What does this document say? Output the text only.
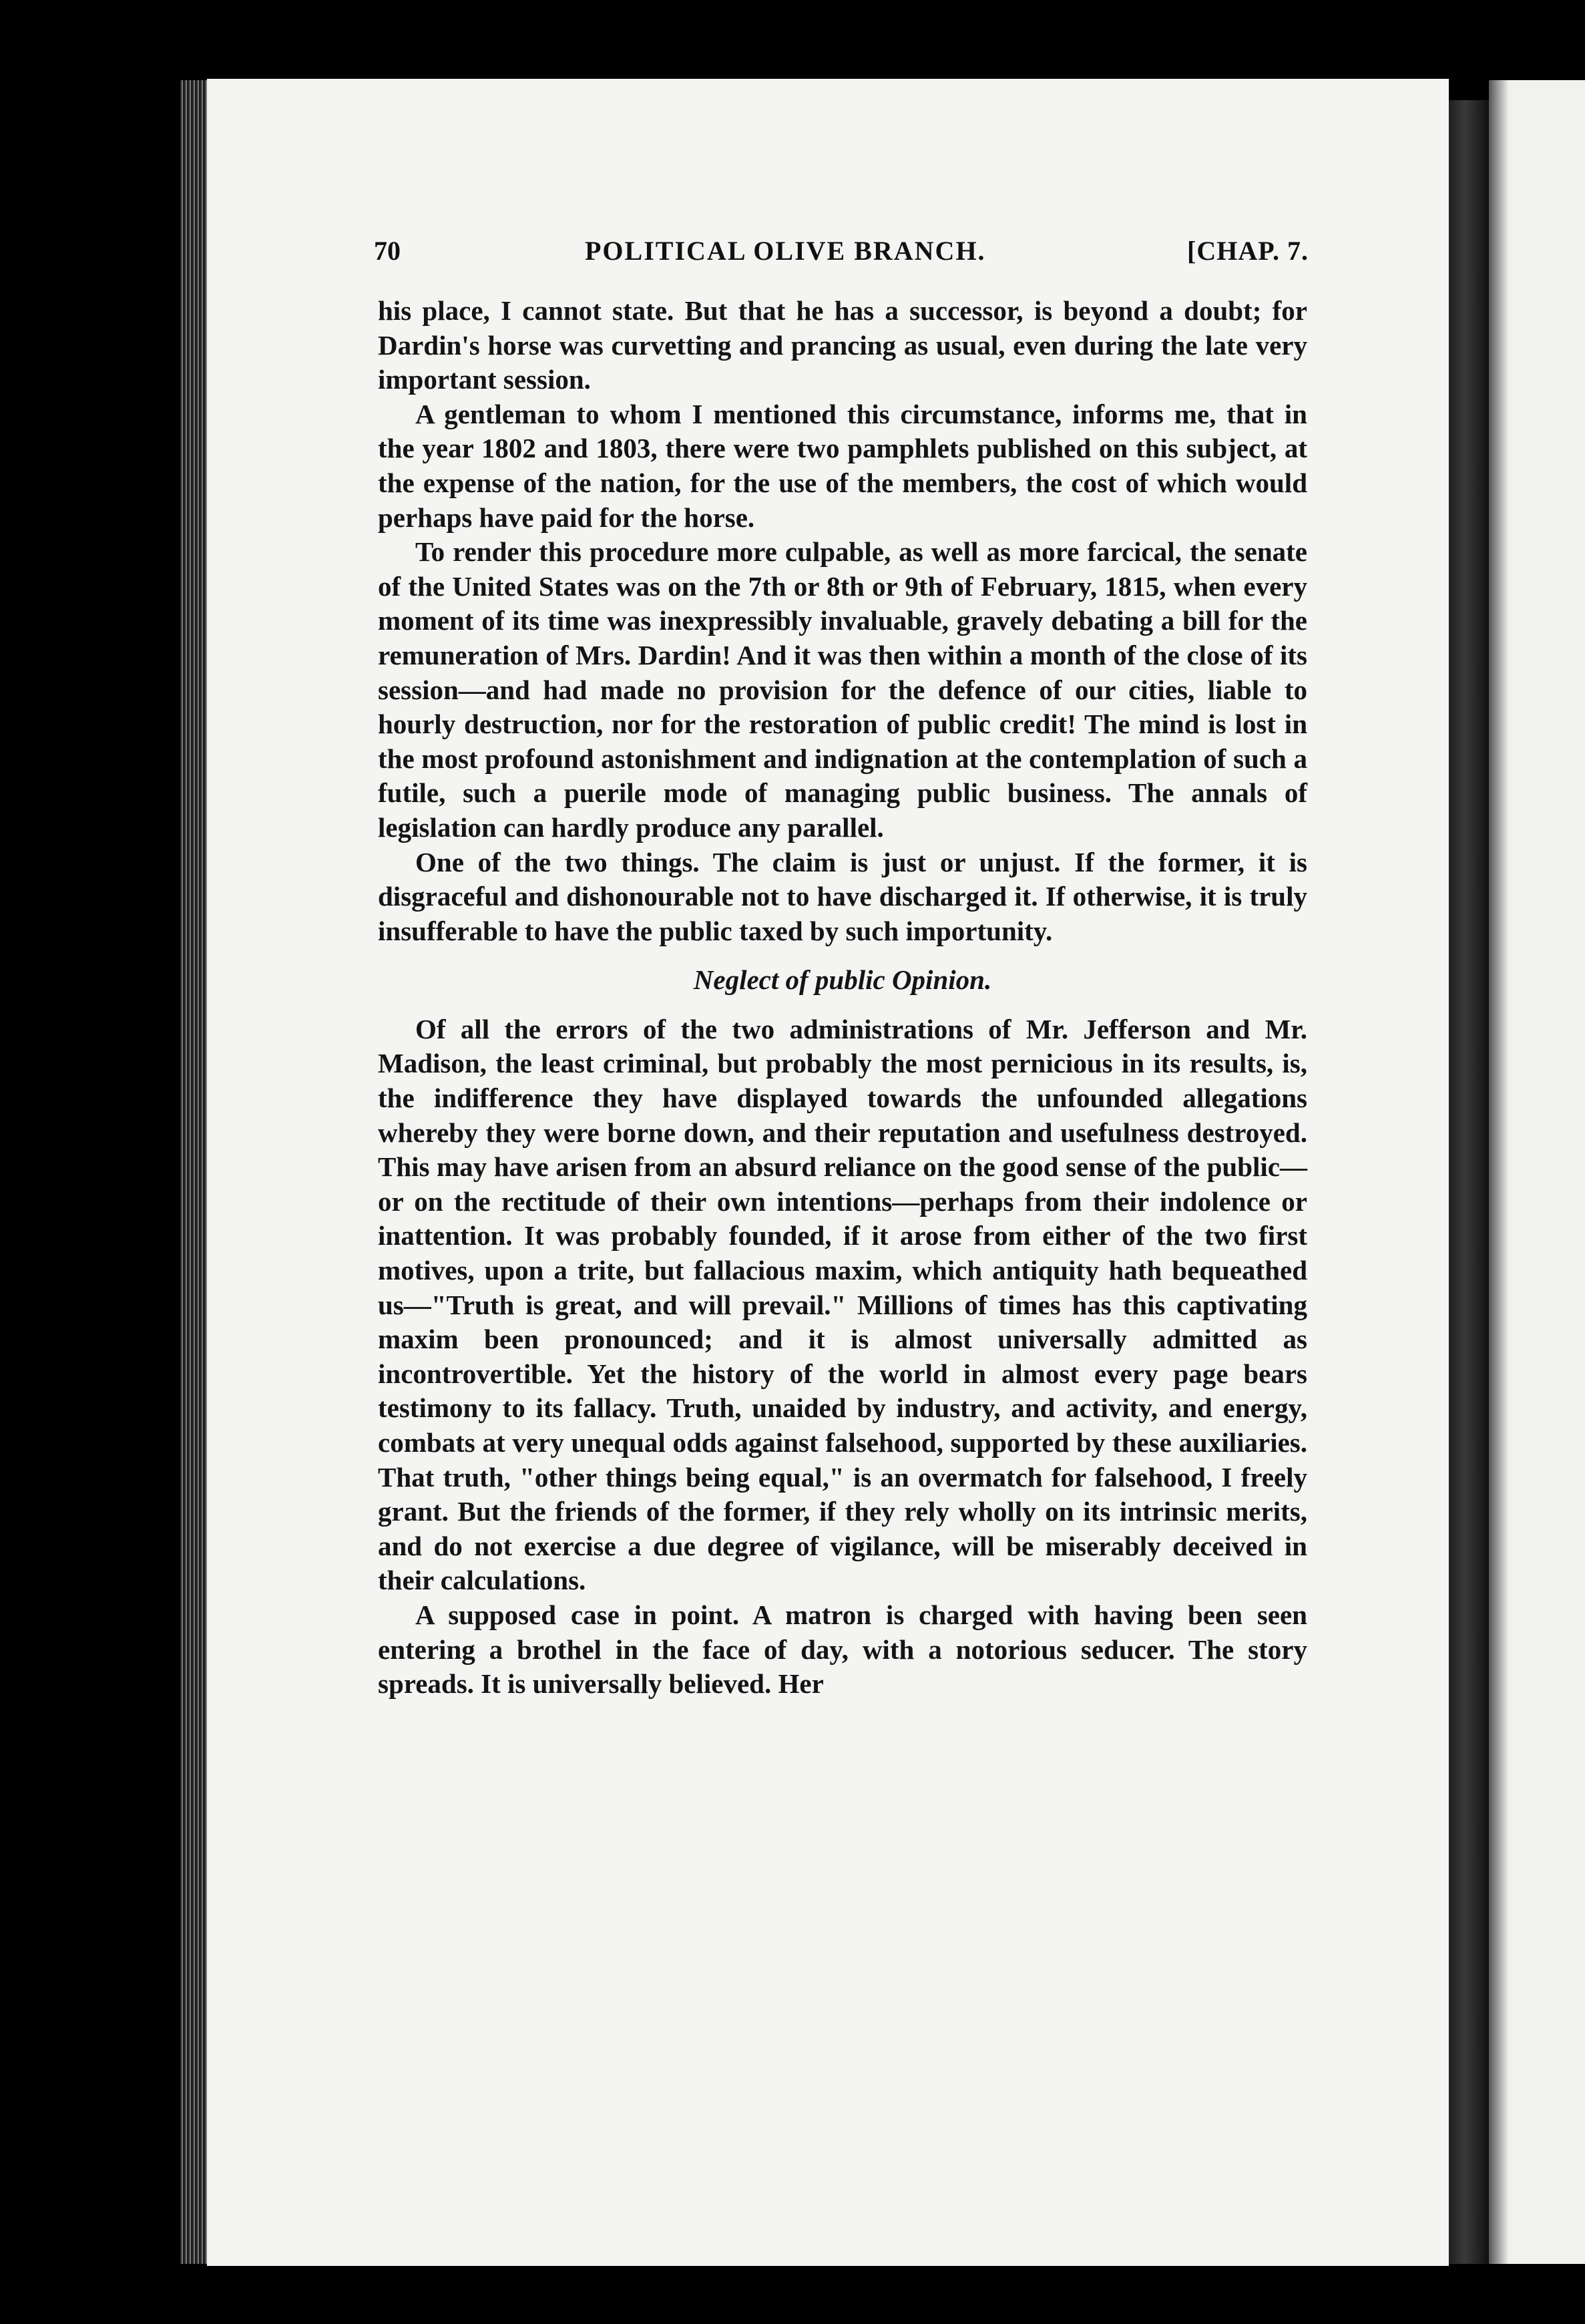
70	POLITICAL OLIVE BRANCH.	[CHAP. 7.

his place, I cannot state. But that he has a successor, is beyond a doubt; for Dardin's horse was curvetting and prancing as usual, even during the late very important session.

A gentleman to whom I mentioned this circumstance, informs me, that in the year 1802 and 1803, there were two pamphlets published on this subject, at the expense of the nation, for the use of the members, the cost of which would perhaps have paid for the horse.

To render this procedure more culpable, as well as more farcical, the senate of the United States was on the 7th or 8th or 9th of February, 1815, when every moment of its time was inexpressibly invaluable, gravely debating a bill for the remuneration of Mrs. Dardin! And it was then within a month of the close of its session—and had made no provision for the defence of our cities, liable to hourly destruction, nor for the restoration of public credit! The mind is lost in the most profound astonishment and indignation at the contemplation of such a futile, such a puerile mode of managing public business. The annals of legislation can hardly produce any parallel.

One of the two things. The claim is just or unjust. If the former, it is disgraceful and dishonourable not to have discharged it. If otherwise, it is truly insufferable to have the public taxed by such importunity.

Neglect of public Opinion.

Of all the errors of the two administrations of Mr. Jefferson and Mr. Madison, the least criminal, but probably the most pernicious in its results, is, the indifference they have displayed towards the unfounded allegations whereby they were borne down, and their reputation and usefulness destroyed. This may have arisen from an absurd reliance on the good sense of the public—or on the rectitude of their own intentions—perhaps from their indolence or inattention. It was probably founded, if it arose from either of the two first motives, upon a trite, but fallacious maxim, which antiquity hath bequeathed us—"Truth is great, and will prevail." Millions of times has this captivating maxim been pronounced; and it is almost universally admitted as incontrovertible. Yet the history of the world in almost every page bears testimony to its fallacy. Truth, unaided by industry, and activity, and energy, combats at very unequal odds against falsehood, supported by these auxiliaries. That truth, "other things being equal," is an overmatch for falsehood, I freely grant. But the friends of the former, if they rely wholly on its intrinsic merits, and do not exercise a due degree of vigilance, will be miserably deceived in their calculations.

A supposed case in point. A matron is charged with having been seen entering a brothel in the face of day, with a notorious seducer. The story spreads. It is universally believed. Her
